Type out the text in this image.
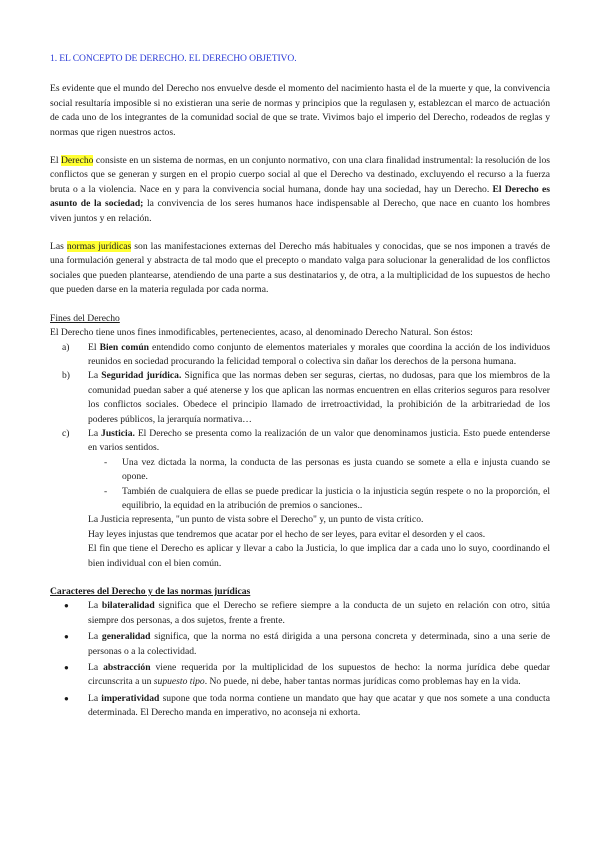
1. EL CONCEPTO DE DERECHO. EL DERECHO OBJETIVO.

Es evidente que el mundo del Derecho nos envuelve desde el momento del nacimiento hasta el de la muerte y que, la convivencia social resultaría imposible si no existieran una serie de normas y principios que la regulasen y, establezcan el marco de actuación de cada uno de los integrantes de la comunidad social de que se trate. Vivimos bajo el imperio del Derecho, rodeados de reglas y normas que rigen nuestros actos.

El Derecho consiste en un sistema de normas, en un conjunto normativo, con una clara finalidad instrumental: la resolución de los conflictos que se generan y surgen en el propio cuerpo social al que el Derecho va destinado, excluyendo el recurso a la fuerza bruta o a la violencia. Nace en y para la convivencia social humana, donde hay una sociedad, hay un Derecho. El Derecho es asunto de la sociedad; la convivencia de los seres humanos hace indispensable al Derecho, que nace en cuanto los hombres viven juntos y en relación.

Las normas jurídicas son las manifestaciones externas del Derecho más habituales y conocidas, que se nos imponen a través de una formulación general y abstracta de tal modo que el precepto o mandato valga para solucionar la generalidad de los conflictos sociales que pueden plantearse, atendiendo de una parte a sus destinatarios y, de otra, a la multiplicidad de los supuestos de hecho que pueden darse en la materia regulada por cada norma.

Fines del Derecho
El Derecho tiene unos fines inmodificables, pertenecientes, acaso, al denominado Derecho Natural. Son éstos:
a) El Bien común entendido como conjunto de elementos materiales y morales que coordina la acción de los individuos reunidos en sociedad procurando la felicidad temporal o colectiva sin dañar los derechos de la persona humana.
b) La Seguridad jurídica. Significa que las normas deben ser seguras, ciertas, no dudosas, para que los miembros de la comunidad puedan saber a qué atenerse y los que aplican las normas encuentren en ellas criterios seguros para resolver los conflictos sociales. Obedece el principio llamado de irretroactividad, la prohibición de la arbitrariedad de los poderes públicos, la jerarquía normativa…
c) La Justicia. El Derecho se presenta como la realización de un valor que denominamos justicia. Esto puede entenderse en varios sentidos.
- Una vez dictada la norma, la conducta de las personas es justa cuando se somete a ella e injusta cuando se opone.
- También de cualquiera de ellas se puede predicar la justicia o la injusticia según respete o no la proporción, el equilibrio, la equidad en la atribución de premios o sanciones..
La Justicia representa, "un punto de vista sobre el Derecho" y, un punto de vista crítico.
Hay leyes injustas que tendremos que acatar por el hecho de ser leyes, para evitar el desorden y el caos.
El fin que tiene el Derecho es aplicar y llevar a cabo la Justicia, lo que implica dar a cada uno lo suyo, coordinando el bien individual con el bien común.
Caracteres del Derecho y de las normas jurídicas
● La bilateralidad significa que el Derecho se refiere siempre a la conducta de un sujeto en relación con otro, sitúa siempre dos personas, a dos sujetos, frente a frente.
● La generalidad significa, que la norma no está dirigida a una persona concreta y determinada, sino a una serie de personas o a la colectividad.
● La abstracción viene requerida por la multiplicidad de los supuestos de hecho: la norma jurídica debe quedar circunscrita a un supuesto tipo. No puede, ni debe, haber tantas normas jurídicas como problemas hay en la vida.
● La imperatividad supone que toda norma contiene un mandato que hay que acatar y que nos somete a una conducta determinada. El Derecho manda en imperativo, no aconseja ni exhorta.
